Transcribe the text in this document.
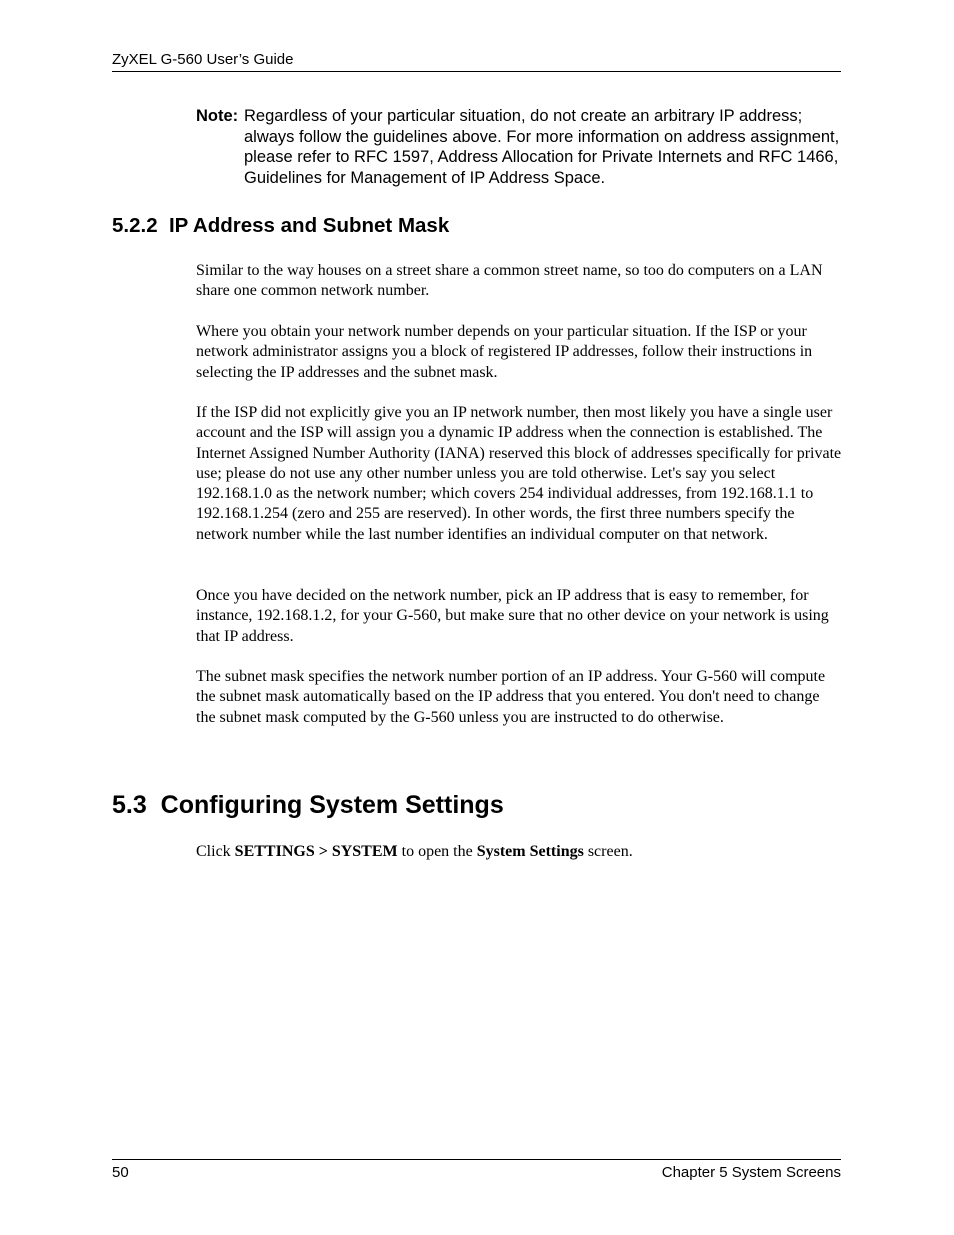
ZyXEL G-560 User’s Guide
Note: Regardless of your particular situation, do not create an arbitrary IP address; always follow the guidelines above. For more information on address assignment, please refer to RFC 1597, Address Allocation for Private Internets and RFC 1466, Guidelines for Management of IP Address Space.
5.2.2  IP Address and Subnet Mask

Similar to the way houses on a street share a common street name, so too do computers on a LAN share one common network number.

Where you obtain your network number depends on your particular situation. If the ISP or your network administrator assigns you a block of registered IP addresses, follow their instructions in selecting the IP addresses and the subnet mask.

If the ISP did not explicitly give you an IP network number, then most likely you have a single user account and the ISP will assign you a dynamic IP address when the connection is established. The Internet Assigned Number Authority (IANA) reserved this block of addresses specifically for private use; please do not use any other number unless you are told otherwise. Let's say you select 192.168.1.0 as the network number; which covers 254 individual addresses, from 192.168.1.1 to 192.168.1.254 (zero and 255 are reserved). In other words, the first three numbers specify the network number while the last number identifies an individual computer on that network.

Once you have decided on the network number, pick an IP address that is easy to remember, for instance, 192.168.1.2, for your G-560, but make sure that no other device on your network is using that IP address.

The subnet mask specifies the network number portion of an IP address. Your G-560 will compute the subnet mask automatically based on the IP address that you entered. You don't need to change the subnet mask computed by the G-560 unless you are instructed to do otherwise.

5.3  Configuring System Settings

Click SETTINGS > SYSTEM to open the System Settings screen.

50	Chapter 5 System Screens
